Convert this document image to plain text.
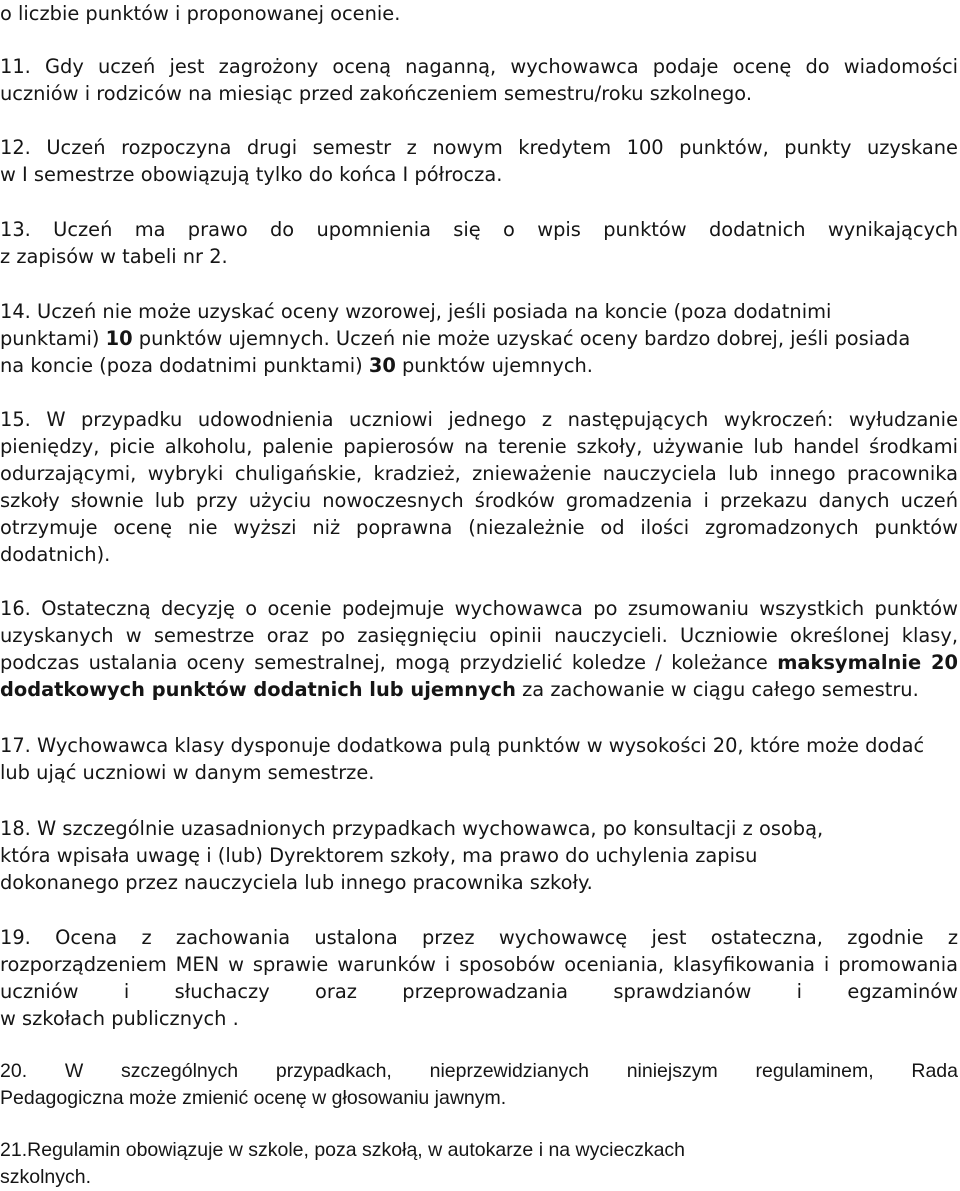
o liczbie punktów i proponowanej ocenie.

11. Gdy uczeń jest zagrożony oceną naganną, wychowawca podaje ocenę do wiadomości
uczniów i rodziców na miesiąc przed zakończeniem semestru/roku szkolnego.

12. Uczeń rozpoczyna drugi semestr z nowym kredytem 100 punktów, punkty uzyskane
w I semestrze obowiązują tylko do końca I półrocza.

13. Uczeń ma prawo do upomnienia się o wpis punktów dodatnich wynikających
z zapisów w tabeli nr 2.

14. Uczeń nie może uzyskać oceny wzorowej, jeśli posiada na koncie (poza dodatnimi
punktami) 10 punktów ujemnych. Uczeń nie może uzyskać oceny bardzo dobrej, jeśli posiada
na koncie (poza dodatnimi punktami) 30 punktów ujemnych.

15. W przypadku udowodnienia uczniowi jednego z następujących wykroczeń: wyłudzanie
pieniędzy, picie alkoholu, palenie papierosów na terenie szkoły, używanie lub handel środkami
odurzającymi, wybryki chuligańskie, kradzież, znieważenie nauczyciela lub innego pracownika
szkoły słownie lub przy użyciu nowoczesnych środków gromadzenia i przekazu danych uczeń
otrzymuje ocenę nie wyższi niż poprawna (niezależnie od ilości zgromadzonych punktów
dodatnich).

16. Ostateczną decyzję o ocenie podejmuje wychowawca po zsumowaniu wszystkich punktów
uzyskanych w semestrze oraz po zasięgnięciu opinii nauczycieli. Uczniowie określonej klasy,
podczas ustalania oceny semestralnej, mogą przydzielić koledze / koleżance maksymalnie 20
dodatkowych punktów dodatnich lub ujemnych za zachowanie w ciągu całego semestru.

17. Wychowawca klasy dysponuje dodatkowa pulą punktów w wysokości 20, które może dodać
lub ująć uczniowi w danym semestrze.

18. W szczególnie uzasadnionych przypadkach wychowawca, po konsultacji z osobą,
która wpisała uwagę i (lub) Dyrektorem szkoły, ma prawo do uchylenia zapisu
dokonanego przez nauczyciela lub innego pracownika szkoły.

19. Ocena z zachowania ustalona przez wychowawcę jest ostateczna, zgodnie z
rozporządzeniem MEN w sprawie warunków i sposobów oceniania, klasyfikowania i promowania
uczniów i słuchaczy oraz przeprowadzania sprawdzianów i egzaminów
w szkołach publicznych .

20. W szczególnych przypadkach, nieprzewidzianych niniejszym regulaminem, Rada
Pedagogiczna może zmienić ocenę w głosowaniu jawnym.

21.Regulamin obowiązuje w szkole, poza szkołą, w autokarze i na wycieczkach
szkolnych.
